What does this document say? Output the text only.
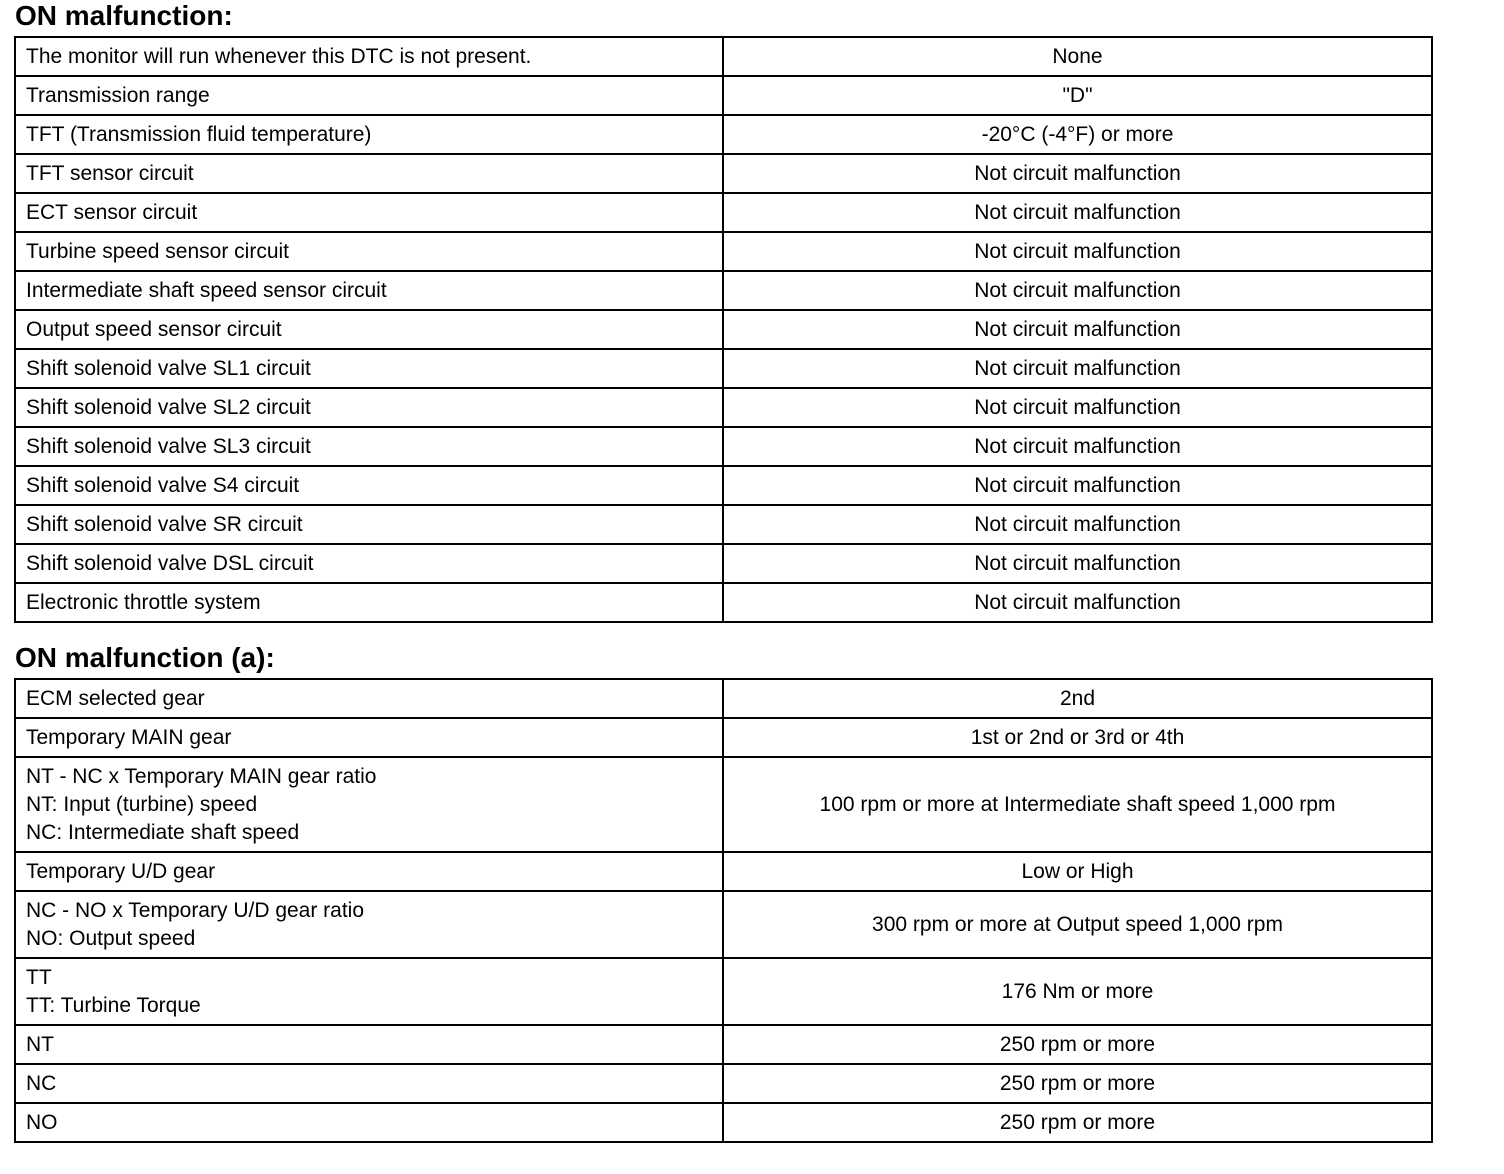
ON malfunction:
The monitor will run whenever this DTC is not present.	None

Transmission range	"D"

TFT (Transmission fluid temperature)	-20°C (-4°F) or more

TFT sensor circuit	Not circuit malfunction

ECT sensor circuit	Not circuit malfunction

Turbine speed sensor circuit	Not circuit malfunction

Intermediate shaft speed sensor circuit	Not circuit malfunction

Output speed sensor circuit	Not circuit malfunction

Shift solenoid valve SL1 circuit	Not circuit malfunction

Shift solenoid valve SL2 circuit	Not circuit malfunction

Shift solenoid valve SL3 circuit	Not circuit malfunction

Shift solenoid valve S4 circuit	Not circuit malfunction

Shift solenoid valve SR circuit	Not circuit malfunction

Shift solenoid valve DSL circuit	Not circuit malfunction

Electronic throttle system	Not circuit malfunction
ON malfunction (a):
ECM selected gear	2nd

Temporary MAIN gear	1st or 2nd or 3rd or 4th

NT - NC x Temporary MAIN gear ratio
NT: Input (turbine) speed
NC: Intermediate shaft speed	100 rpm or more at Intermediate shaft speed 1,000 rpm

Temporary U/D gear	Low or High

NC - NO x Temporary U/D gear ratio
NO: Output speed	300 rpm or more at Output speed 1,000 rpm

TT
TT: Turbine Torque	176 Nm or more

NT	250 rpm or more

NC	250 rpm or more

NO	250 rpm or more
